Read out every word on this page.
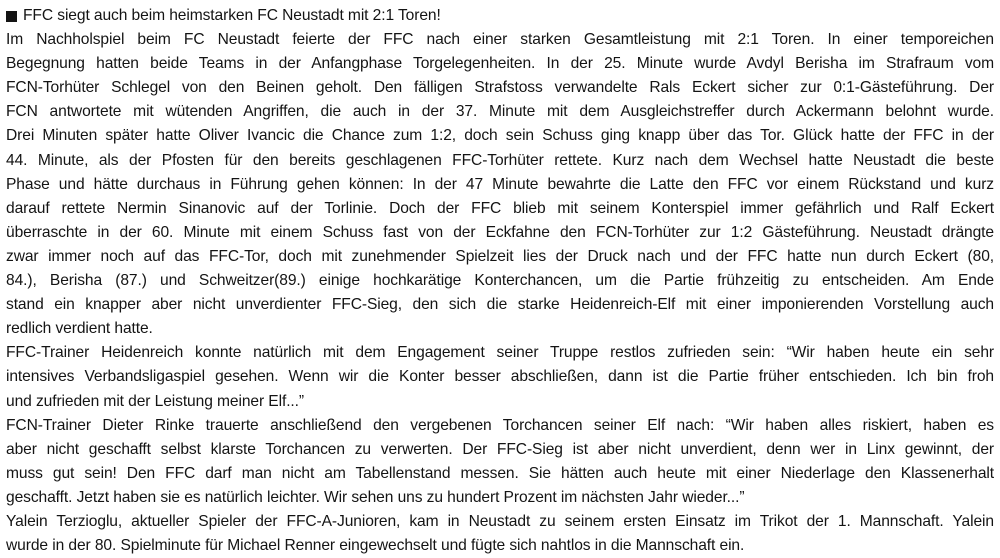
FFC siegt auch beim heimstarken FC Neustadt mit 2:1 Toren!
Im Nachholspiel beim FC Neustadt feierte der FFC nach einer starken Gesamtleistung mit 2:1 Toren. In einer temporeichen
Begegnung hatten beide Teams in der Anfangphase Torgelegenheiten. In der 25. Minute wurde Avdyl Berisha im Strafraum vom
FCN-Torhüter Schlegel von den Beinen geholt. Den fälligen Strafstoss verwandelte Rals Eckert sicher zur 0:1-Gästeführung. Der
FCN antwortete mit wütenden Angriffen, die auch in der 37. Minute mit dem Ausgleichstreffer durch Ackermann belohnt wurde.
Drei Minuten später hatte Oliver Ivancic die Chance zum 1:2, doch sein Schuss ging knapp über das Tor. Glück hatte der FFC in der
44. Minute, als der Pfosten für den bereits geschlagenen FFC-Torhüter rettete. Kurz nach dem Wechsel hatte Neustadt die beste
Phase und hätte durchaus in Führung gehen können: In der 47 Minute bewahrte die Latte den FFC vor einem Rückstand und kurz
darauf rettete Nermin Sinanovic auf der Torlinie. Doch der FFC blieb mit seinem Konterspiel immer gefährlich und Ralf Eckert
überraschte in der 60. Minute mit einem Schuss fast von der Eckfahne den FCN-Torhüter zur 1:2 Gästeführung. Neustadt drängte
zwar immer noch auf das FFC-Tor, doch mit zunehmender Spielzeit lies der Druck nach und der FFC hatte nun durch Eckert (80,
84.), Berisha (87.) und Schweitzer(89.) einige hochkarätige Konterchancen, um die Partie frühzeitig zu entscheiden. Am Ende
stand ein knapper aber nicht unverdienter FFC-Sieg, den sich die starke Heidenreich-Elf mit einer imponierenden Vorstellung auch
redlich verdient hatte.
FFC-Trainer Heidenreich konnte natürlich mit dem Engagement seiner Truppe restlos zufrieden sein: “Wir haben heute ein sehr
intensives Verbandsligaspiel gesehen. Wenn wir die Konter besser abschließen, dann ist die Partie früher entschieden. Ich bin froh
und zufrieden mit der Leistung meiner Elf...”
FCN-Trainer Dieter Rinke trauerte anschließend den vergebenen Torchancen seiner Elf nach: “Wir haben alles riskiert, haben es
aber nicht geschafft selbst klarste Torchancen zu verwerten. Der FFC-Sieg ist aber nicht unverdient, denn wer in Linx gewinnt, der
muss gut sein! Den FFC darf man nicht am Tabellenstand messen. Sie hätten auch heute mit einer Niederlage den Klassenerhalt
geschafft. Jetzt haben sie es natürlich leichter. Wir sehen uns zu hundert Prozent im nächsten Jahr wieder...”
Yalein Terzioglu, aktueller Spieler der FFC-A-Junioren, kam in Neustadt zu seinem ersten Einsatz im Trikot der 1. Mannschaft. Yalein
wurde in der 80. Spielminute für Michael Renner eingewechselt und fügte sich nahtlos in die Mannschaft ein.
